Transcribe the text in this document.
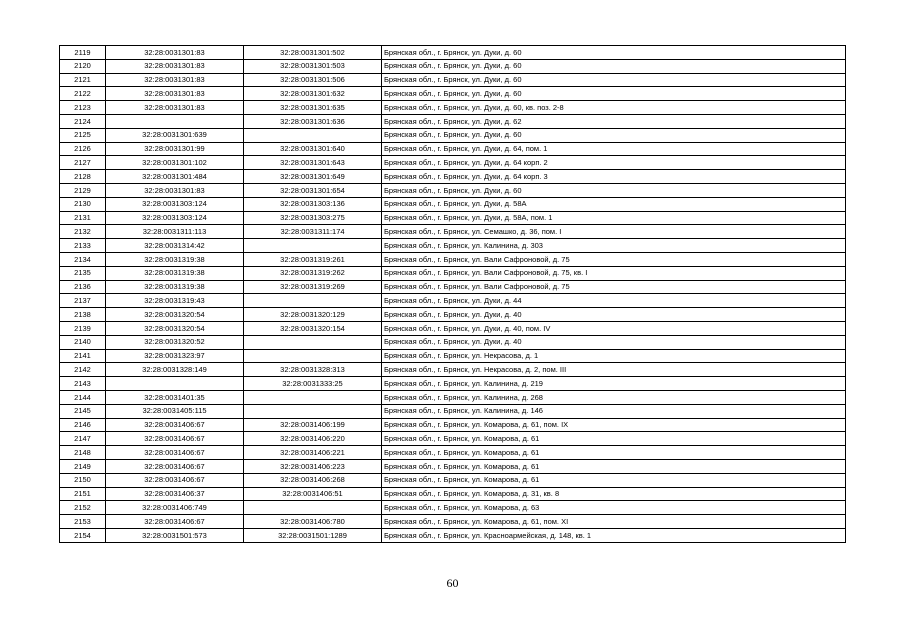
2119	32:28:0031301:83	32:28:0031301:502	Брянская обл., г. Брянск, ул. Дуки, д. 60
2120	32:28:0031301:83	32:28:0031301:503	Брянская обл., г. Брянск, ул. Дуки, д. 60
2121	32:28:0031301:83	32:28:0031301:506	Брянская обл., г. Брянск, ул. Дуки, д. 60
2122	32:28:0031301:83	32:28:0031301:632	Брянская обл., г. Брянск, ул. Дуки, д. 60
2123	32:28:0031301:83	32:28:0031301:635	Брянская обл., г. Брянск, ул. Дуки, д. 60, кв. поз. 2-8
2124		32:28:0031301:636	Брянская обл., г. Брянск, ул. Дуки, д. 62
2125	32:28:0031301:639		Брянская обл., г. Брянск, ул. Дуки, д. 60
2126	32:28:0031301:99	32:28:0031301:640	Брянская обл., г. Брянск, ул. Дуки, д. 64, пом. 1
2127	32:28:0031301:102	32:28:0031301:643	Брянская обл., г. Брянск, ул. Дуки, д. 64 корп. 2
2128	32:28:0031301:484	32:28:0031301:649	Брянская обл., г. Брянск, ул. Дуки, д. 64 корп. 3
2129	32:28:0031301:83	32:28:0031301:654	Брянская обл., г. Брянск, ул. Дуки, д. 60
2130	32:28:0031303:124	32:28:0031303:136	Брянская обл., г. Брянск, ул. Дуки, д. 58А
2131	32:28:0031303:124	32:28:0031303:275	Брянская обл., г. Брянск, ул. Дуки, д. 58А, пом. 1
2132	32:28:0031311:113	32:28:0031311:174	Брянская обл., г. Брянск, ул. Семашко, д. 36, пом. I
2133	32:28:0031314:42		Брянская обл., г. Брянск, ул. Калинина, д. 303
2134	32:28:0031319:38	32:28:0031319:261	Брянская обл., г. Брянск, ул. Вали Сафроновой, д. 75
2135	32:28:0031319:38	32:28:0031319:262	Брянская обл., г. Брянск, ул. Вали Сафроновой, д. 75, кв. I
2136	32:28:0031319:38	32:28:0031319:269	Брянская обл., г. Брянск, ул. Вали Сафроновой, д. 75
2137	32:28:0031319:43		Брянская обл., г. Брянск, ул. Дуки, д. 44
2138	32:28:0031320:54	32:28:0031320:129	Брянская обл., г. Брянск, ул. Дуки, д. 40
2139	32:28:0031320:54	32:28:0031320:154	Брянская обл., г. Брянск, ул. Дуки, д. 40, пом. IV
2140	32:28:0031320:52		Брянская обл., г. Брянск, ул. Дуки, д. 40
2141	32:28:0031323:97		Брянская обл., г. Брянск, ул. Некрасова, д. 1
2142	32:28:0031328:149	32:28:0031328:313	Брянская обл., г. Брянск, ул. Некрасова, д. 2, пом. III
2143		32:28:0031333:25	Брянская обл., г. Брянск, ул. Калинина, д. 219
2144	32:28:0031401:35		Брянская обл., г. Брянск, ул. Калинина, д. 268
2145	32:28:0031405:115		Брянская обл., г. Брянск, ул. Калинина, д. 146
2146	32:28:0031406:67	32:28:0031406:199	Брянская обл., г. Брянск, ул. Комарова, д. 61, пом. IX
2147	32:28:0031406:67	32:28:0031406:220	Брянская обл., г. Брянск, ул. Комарова, д. 61
2148	32:28:0031406:67	32:28:0031406:221	Брянская обл., г. Брянск, ул. Комарова, д. 61
2149	32:28:0031406:67	32:28:0031406:223	Брянская обл., г. Брянск, ул. Комарова, д. 61
2150	32:28:0031406:67	32:28:0031406:268	Брянская обл., г. Брянск, ул. Комарова, д. 61
2151	32:28:0031406:37	32:28:0031406:51	Брянская обл., г. Брянск, ул. Комарова, д. 31, кв. 8
2152	32:28:0031406:749		Брянская обл., г. Брянск, ул. Комарова, д. 63
2153	32:28:0031406:67	32:28:0031406:780	Брянская обл., г. Брянск, ул. Комарова, д. 61, пом. XI
2154	32:28:0031501:573	32:28:0031501:1289	Брянская обл., г. Брянск, ул. Красноармейская, д. 148, кв. 1
60
